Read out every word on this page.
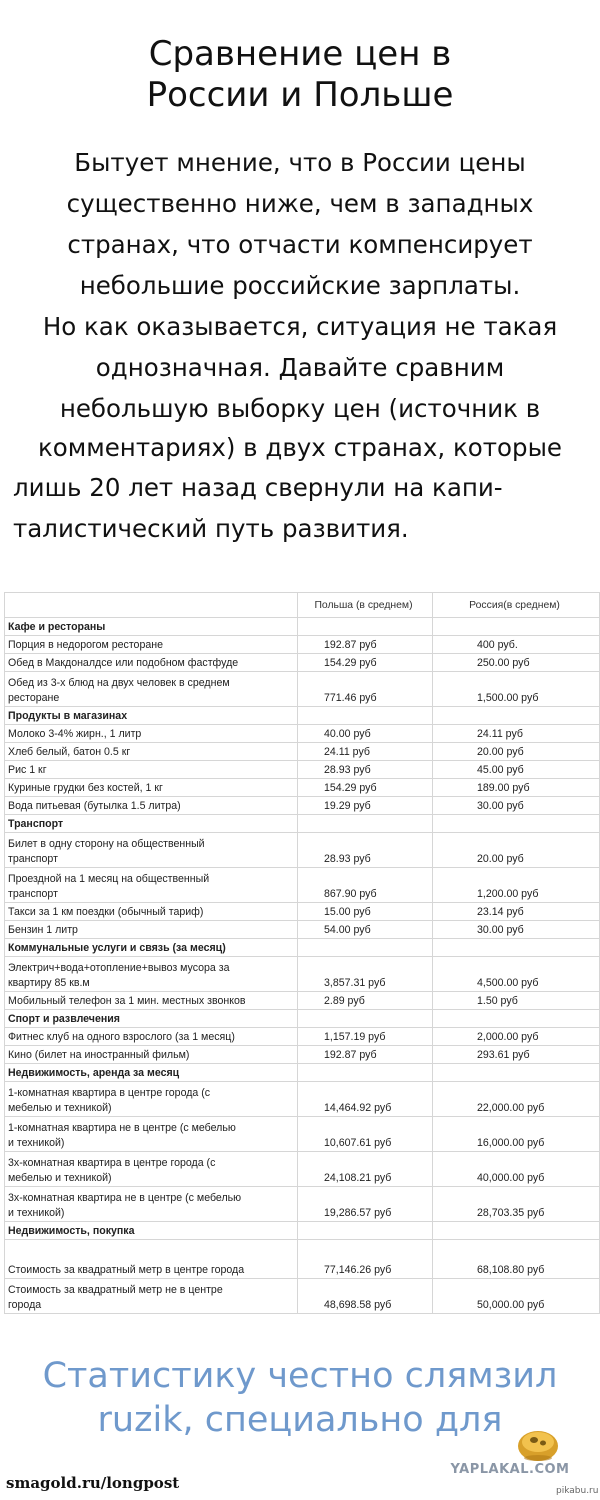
Сравнение цен в
России и Польше
Бытует мнение, что в России цены
существенно ниже, чем в западных
странах, что отчасти компенсирует
небольшие российские зарплаты.
Но как оказывается, ситуация не такая
однозначная. Давайте сравним
небольшую выборку цен (источник в
комментариях) в двух странах, которые
лишь 20 лет назад свернули на капи-
талистический путь развития.
	Польша (в среднем)	Россия(в среднем)
Кафе и рестораны		
Порция в недорогом ресторане	192.87 руб	400 руб.
Обед в Макдоналдсе или подобном фастфуде	154.29 руб	250.00 руб
Обед из 3-х блюд на двух человек в среднем
ресторане	771.46 руб	1,500.00 руб
Продукты в магазинах		
Молоко 3-4% жирн., 1 литр	40.00 руб	24.11 руб
Хлеб белый, батон 0.5 кг	24.11 руб	20.00 руб
Рис 1 кг	28.93 руб	45.00 руб
Куриные грудки без костей, 1 кг	154.29 руб	189.00 руб
Вода питьевая (бутылка 1.5 литра)	19.29 руб	30.00 руб
Транспорт		
Билет в одну сторону на общественный
транспорт	28.93 руб	20.00 руб
Проездной на 1 месяц на общественный
транспорт	867.90 руб	1,200.00 руб
Такси за 1 км поездки (обычный тариф)	15.00 руб	23.14 руб
Бензин 1 литр	54.00 руб	30.00 руб
Коммунальные услуги и связь (за месяц)		
Электрич+вода+отопление+вывоз мусора за
квартиру 85 кв.м	3,857.31 руб	4,500.00 руб
Мобильный телефон за 1 мин. местных звонков	2.89 руб	1.50 руб
Спорт и развлечения		
Фитнес клуб на одного взрослого (за 1 месяц)	1,157.19 руб	2,000.00 руб
Кино (билет на иностранный фильм)	192.87 руб	293.61 руб
Недвижимость, аренда за месяц		
1-комнатная квартира в центре города (с
мебелью и техникой)	14,464.92 руб	22,000.00 руб
1-комнатная квартира не в центре (с мебелью
и техникой)	10,607.61 руб	16,000.00 руб
3х-комнатная квартира в центре города (с
мебелью и техникой)	24,108.21 руб	40,000.00 руб
3х-комнатная квартира не в центре (с мебелью
и техникой)	19,286.57 руб	28,703.35 руб
Недвижимость, покупка		
Стоимость за квадратный метр в центре города	77,146.26 руб	68,108.80 руб
Стоимость за квадратный метр не в центре
города	48,698.58 руб	50,000.00 руб
Статистику честно слямзил
ruzik, специально для
YAPLAKAL.COM
smagold.ru/longpost	pikabu.ru
